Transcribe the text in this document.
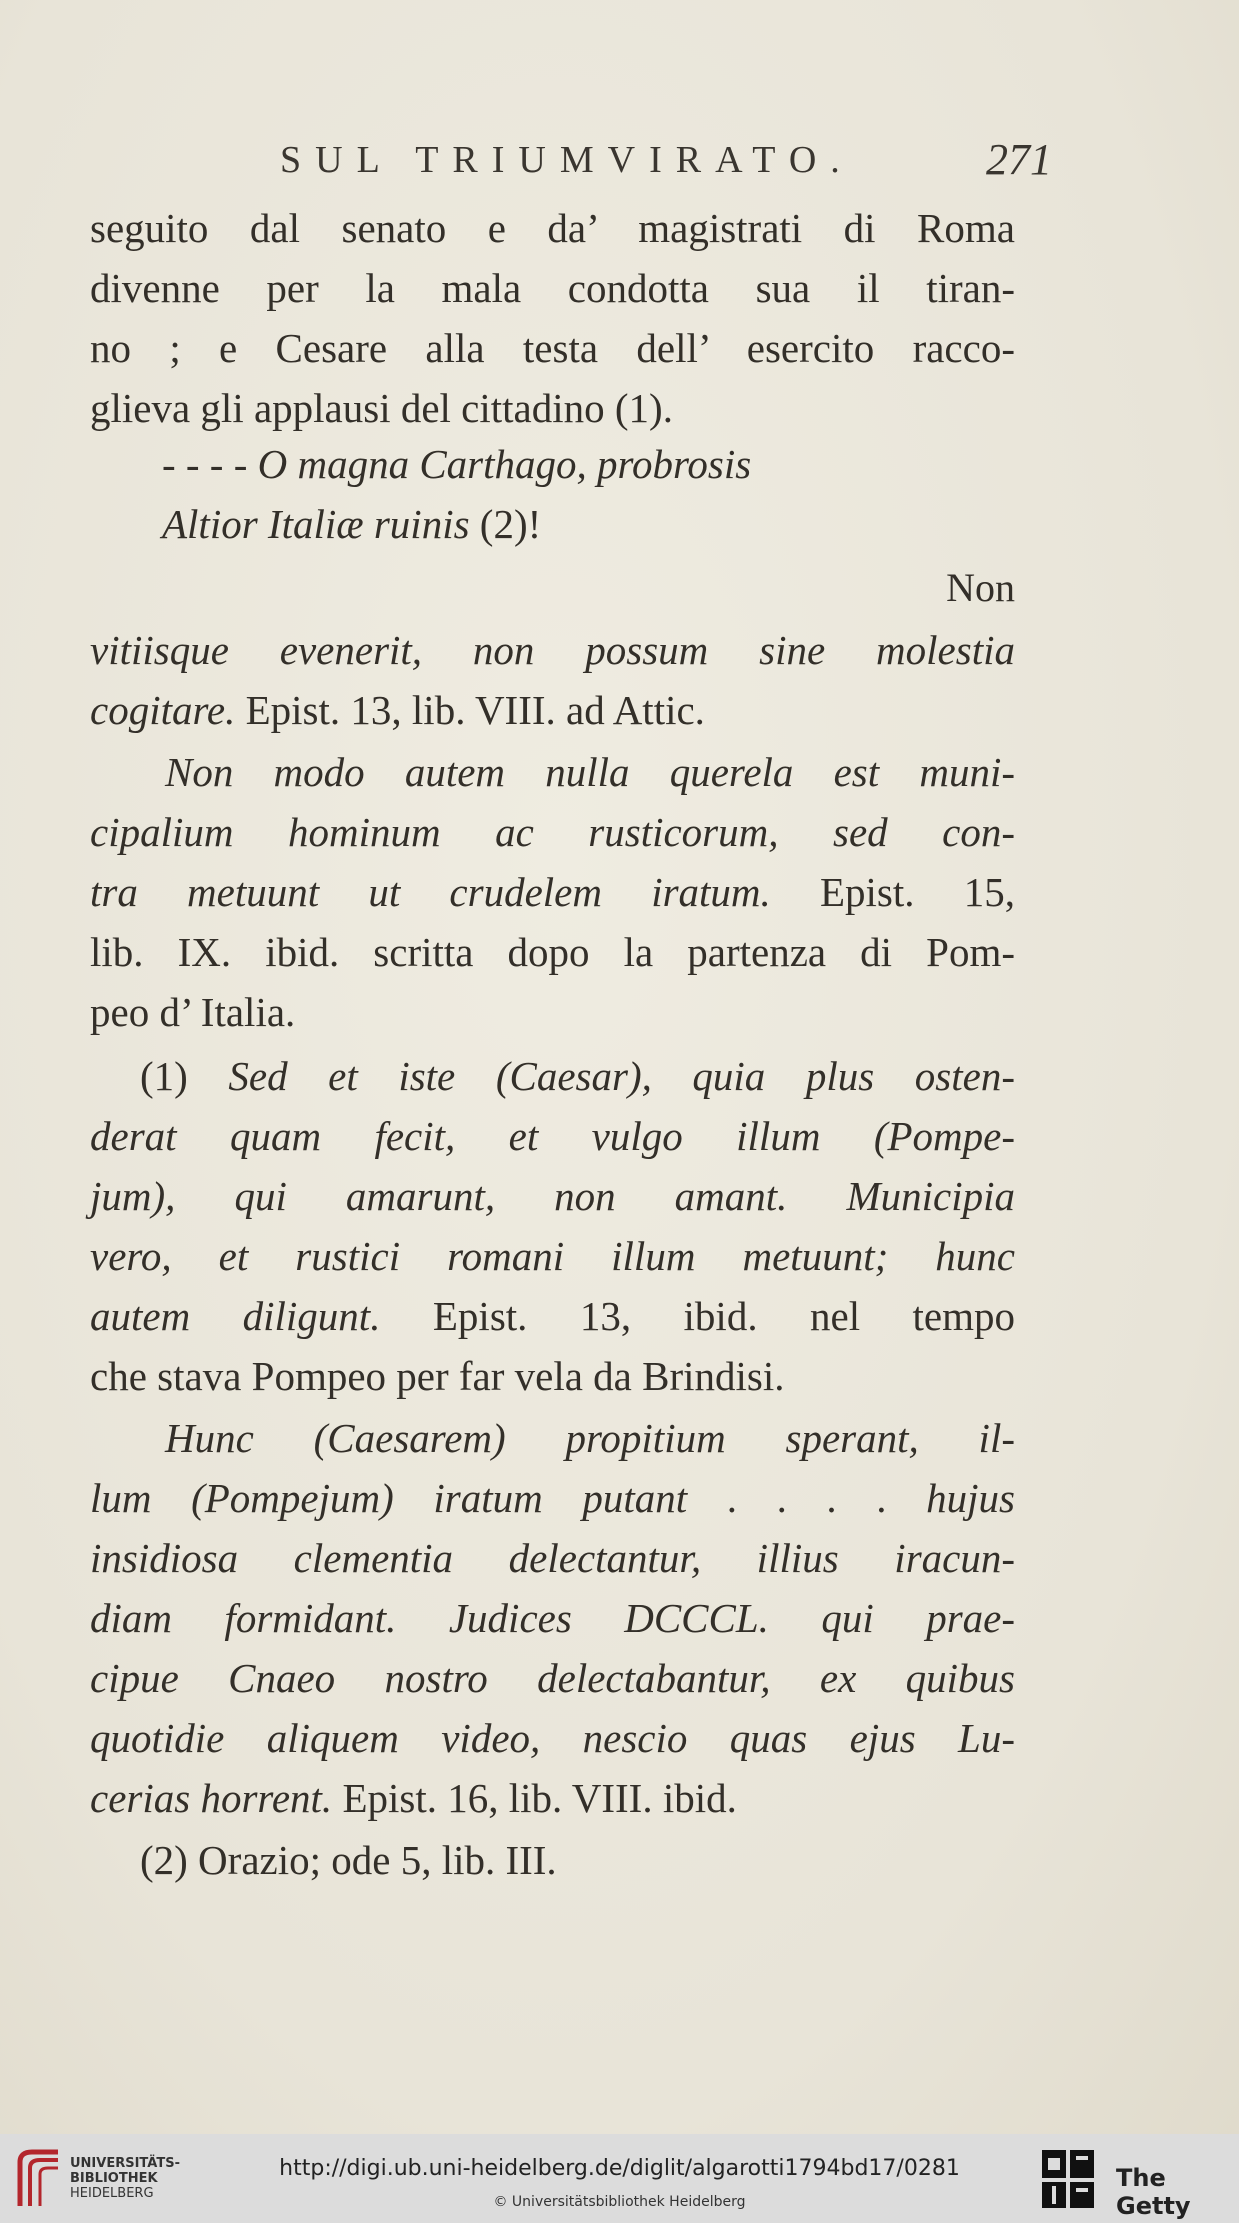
SUL TRIUMVIRATO.	271
seguito dal senato e da’ magistrati di Roma
divenne per la mala condotta sua il tiran-
no ; e Cesare alla testa dell’ esercito racco-
glieva gli applausi del cittadino (1).
- - - - O magna Carthago, probrosis
Altior Italiæ ruinis (2)!
Non
vitiisque evenerit, non possum sine molestia
cogitare. Epist. 13, lib. VIII. ad Attic.
Non modo autem nulla querela est muni-
cipalium hominum ac rusticorum, sed con-
tra metuunt ut crudelem iratum. Epist. 15,
lib. IX. ibid. scritta dopo la partenza di Pom-
peo d’ Italia.
(1) Sed et iste (Caesar), quia plus osten-
derat quam fecit, et vulgo illum (Pompe-
jum), qui amarunt, non amant. Municipia
vero, et rustici romani illum metuunt; hunc
autem diligunt. Epist. 13, ibid. nel tempo
che stava Pompeo per far vela da Brindisi.
Hunc (Caesarem) propitium sperant, il-
lum (Pompejum) iratum putant . . . . hujus
insidiosa clementia delectantur, illius iracun-
diam formidant. Judices DCCCL. qui prae-
cipue Cnaeo nostro delectabantur, ex quibus
quotidie aliquem video, nescio quas ejus Lu-
cerias horrent. Epist. 16, lib. VIII. ibid.
(2) Orazio; ode 5, lib. III.
UNIVERSITÄTS-
BIBLIOTHEK
HEIDELBERG
http://digi.ub.uni-heidelberg.de/diglit/algarotti1794bd17/0281
© Universitätsbibliothek Heidelberg
The Getty
